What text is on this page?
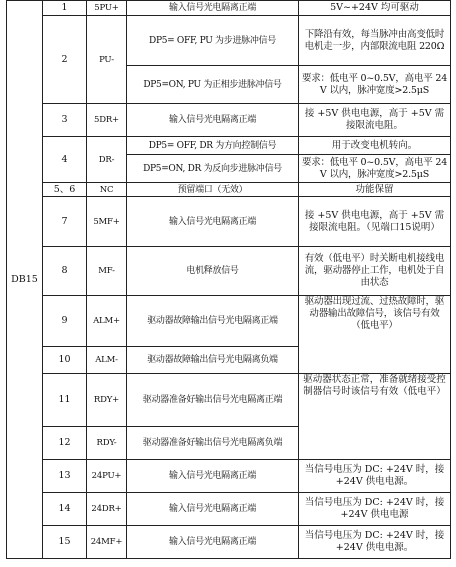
DB15	1	5PU+	输入信号光电隔离正端	5V~+24V 均可驱动
	2	PU-	DP5= OFF, PU 为步进脉冲信号	下降沿有效，每当脉冲由高变低时电机走一步，内部限流电阻 220Ω
			DP5=ON, PU 为正相步进脉冲信号	要求：低电平 0~0.5V，高电平 24V 以内，脉冲宽度>2.5μS
	3	5DR+	输入信号光电隔离正端	接 +5V 供电电源，高于 +5V 需接限流电阻。
	4	DR-	DP5= OFF, DR 为方向控制信号	用于改变电机转向。
			DP5=ON, DR 为反向步进脉冲信号	要求：低电平 0~0.5V，高电平 24V 以内，脉冲宽度>2.5μS
	5、6	NC	预留端口（无效）	功能保留
	7	5MF+	输入信号光电隔离正端	接 +5V 供电电源，高于 +5V 需接限流电阻。（见端口15说明）
	8	MF-	电机释放信号	有效（低电平）时关断电机接线电流，驱动器停止工作，电机处于自由状态
	9	ALM+	驱动器故障输出信号光电隔离正端	驱动器出现过流、过热故障时，驱动器输出故障信号，该信号有效（低电平）
	10	ALM-	驱动器故障输出信号光电隔离负端	
	11	RDY+	驱动器准备好输出信号光电隔离正端	驱动器状态正常，准备就绪接受控制器信号时该信号有效（低电平）
	12	RDY-	驱动器准备好输出信号光电隔离负端	
	13	24PU+	输入信号光电隔离正端	当信号电压为 DC: +24V 时，接 +24V 供电电源。
	14	24DR+	输入信号光电隔离正端	当信号电压为 DC: +24V 时，接 +24V 供电电源
	15	24MF+	输入信号光电隔离正端	当信号电压为 DC: +24V 时，接 +24V 供电电源。
